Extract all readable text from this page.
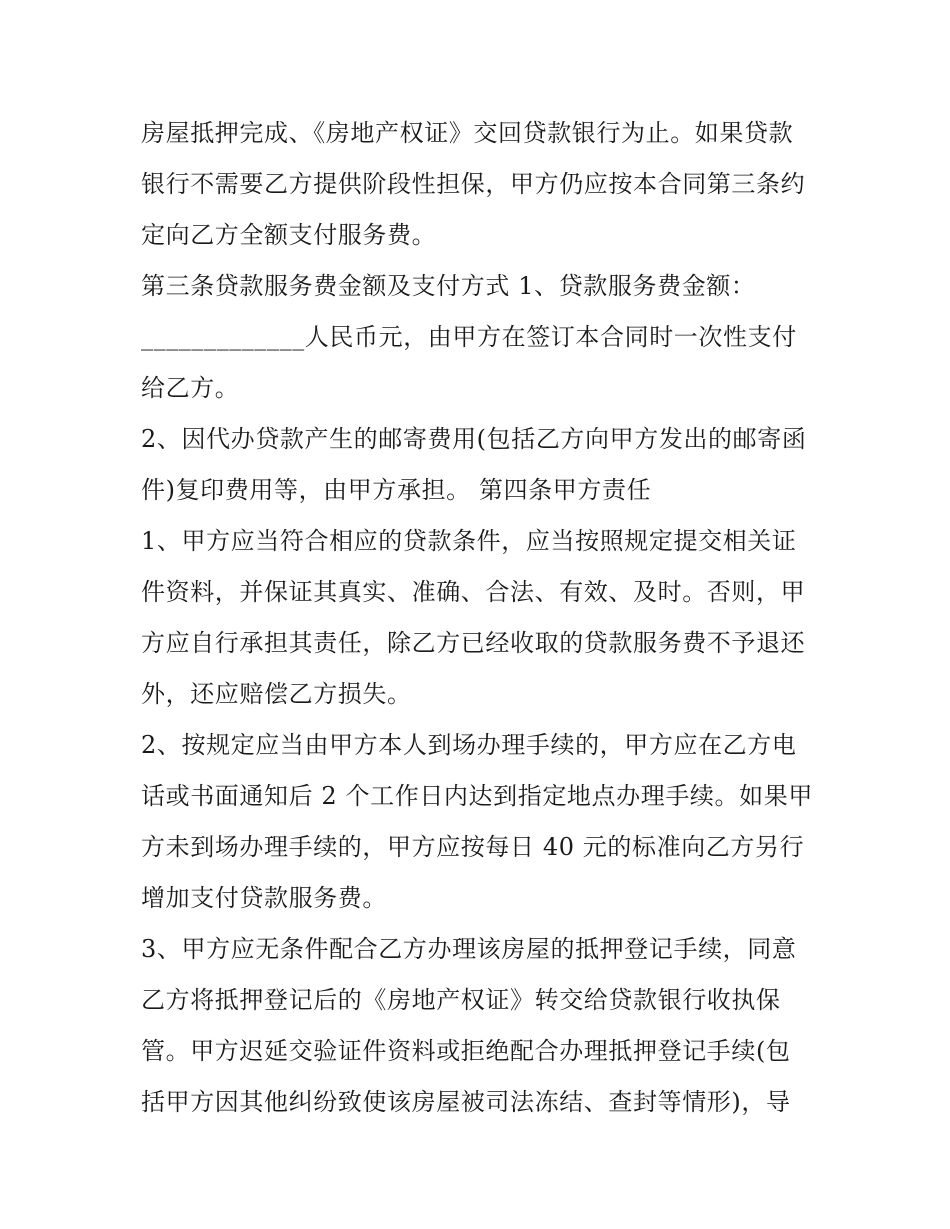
房屋抵押完成、《房地产权证》交回贷款银行为止。如果贷款
银行不需要乙方提供阶段性担保，甲方仍应按本合同第三条约
定向乙方全额支付服务费。
第三条贷款服务费金额及支付方式 1、贷款服务费金额：
_____________人民币元，由甲方在签订本合同时一次性支付
给乙方。
2、因代办贷款产生的邮寄费用(包括乙方向甲方发出的邮寄函
件)复印费用等，由甲方承担。 第四条甲方责任
1、甲方应当符合相应的贷款条件，应当按照规定提交相关证
件资料，并保证其真实、准确、合法、有效、及时。否则，甲
方应自行承担其责任，除乙方已经收取的贷款服务费不予退还
外，还应赔偿乙方损失。
2、按规定应当由甲方本人到场办理手续的，甲方应在乙方电
话或书面通知后 2 个工作日内达到指定地点办理手续。如果甲
方未到场办理手续的，甲方应按每日 40 元的标准向乙方另行
增加支付贷款服务费。
3、甲方应无条件配合乙方办理该房屋的抵押登记手续，同意
乙方将抵押登记后的《房地产权证》转交给贷款银行收执保
管。甲方迟延交验证件资料或拒绝配合办理抵押登记手续(包
括甲方因其他纠纷致使该房屋被司法冻结、查封等情形)，导
